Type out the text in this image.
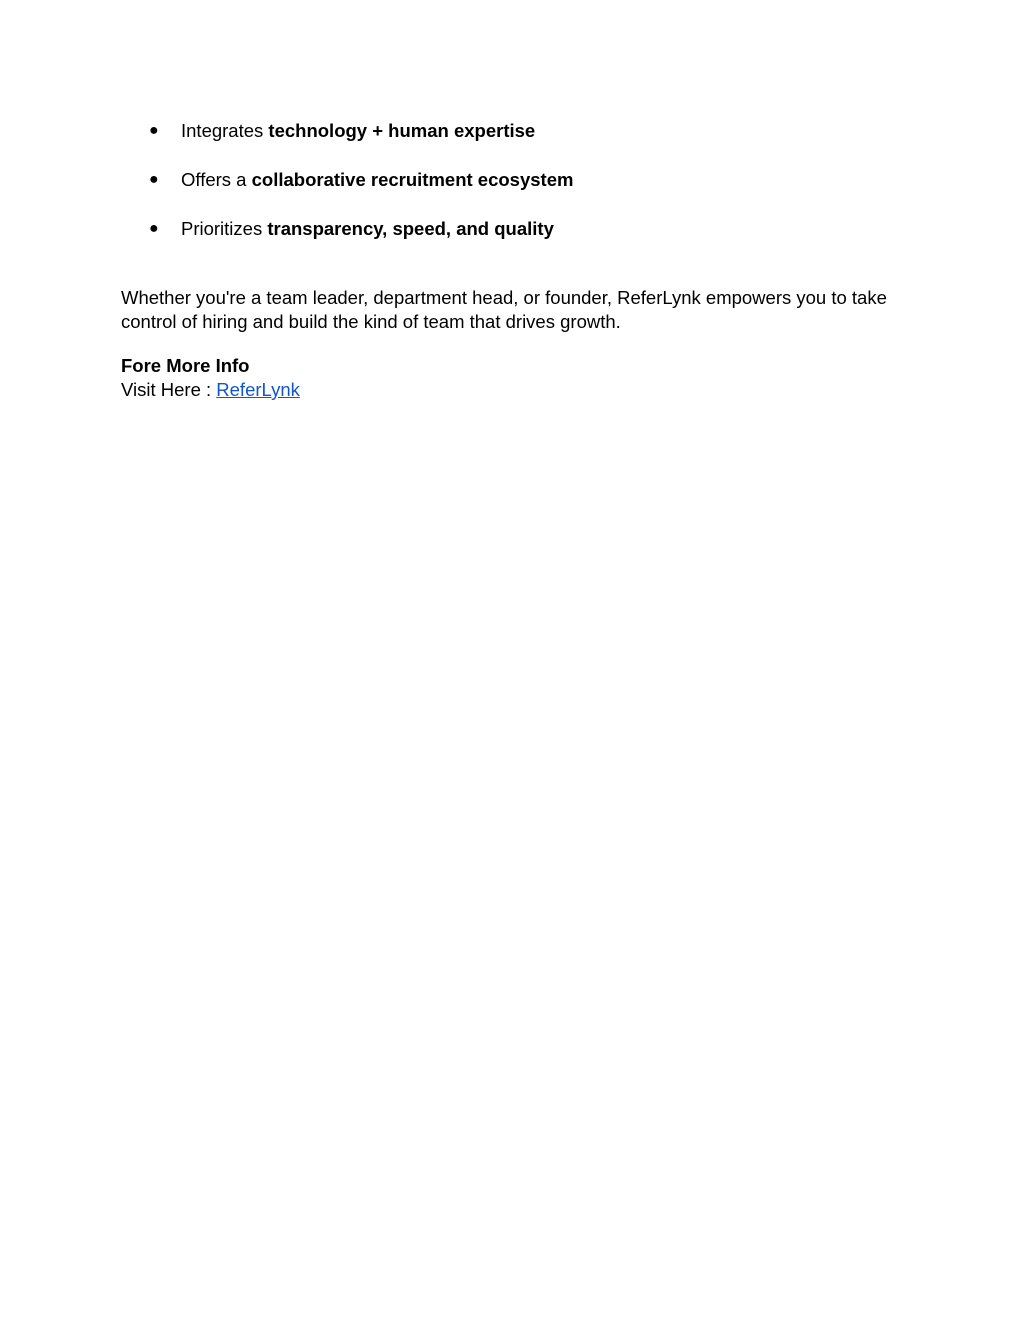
● Integrates technology + human expertise
● Offers a collaborative recruitment ecosystem
● Prioritizes transparency, speed, and quality

Whether you're a team leader, department head, or founder, ReferLynk empowers you to take control of hiring and build the kind of team that drives growth.

Fore More Info

Visit Here : ReferLynk
